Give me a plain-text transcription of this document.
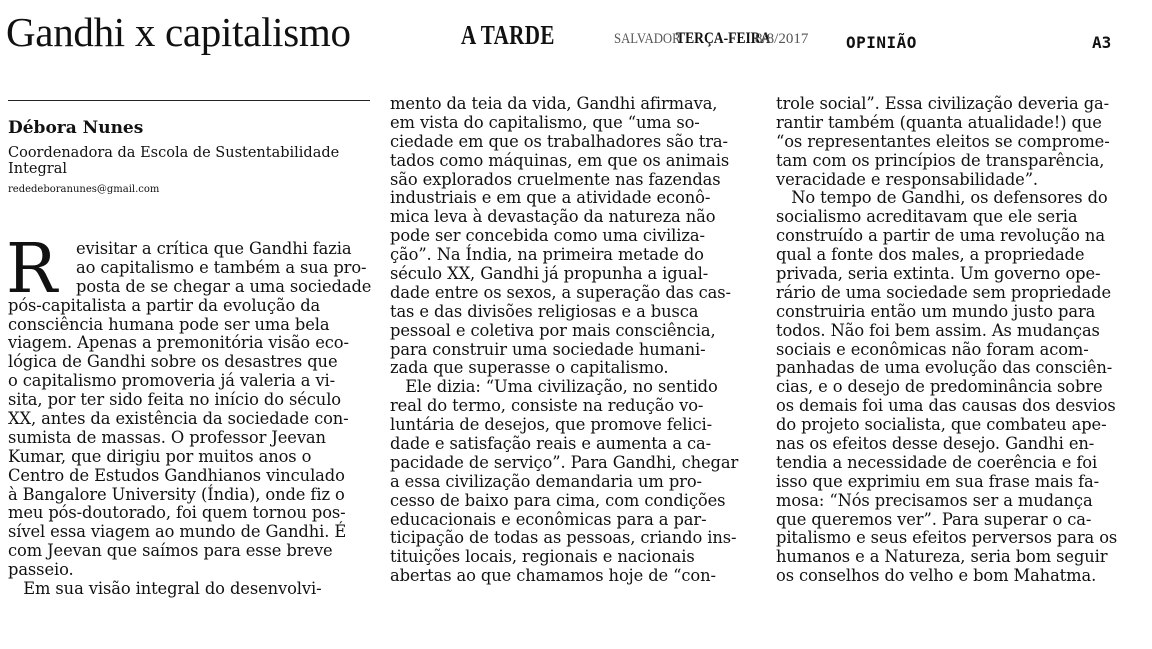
Gandhi x capitalismo	A TARDE	SALVADOR
TERÇA-FEIRA
8/8/2017 OPINIÃO	A3
Débora Nunes
Coordenadora da Escola de Sustentabilidade Integral
rededeboranunes@gmail.com
R	evisitar a crítica que Gandhi fazia
ao capitalismo e também a sua pro-
posta de se chegar a uma sociedade
pós-capitalista a partir da evolução da
consciência humana pode ser uma bela
viagem. Apenas a premonitória visão eco-
lógica de Gandhi sobre os desastres que
o capitalismo promoveria já valeria a vi-
sita, por ter sido feita no início do século
XX, antes da existência da sociedade con-
sumista de massas. O professor Jeevan
Kumar, que dirigiu por muitos anos o
Centro de Estudos Gandhianos vinculado
à Bangalore University (Índia), onde fiz o
meu pós-doutorado, foi quem tornou pos-
sível essa viagem ao mundo de Gandhi. É
com Jeevan que saímos para esse breve
passeio.
Em sua visão integral do desenvolvi-
mento da teia da vida, Gandhi afirmava,
em vista do capitalismo, que “uma so-
ciedade em que os trabalhadores são tra-
tados como máquinas, em que os animais
são explorados cruelmente nas fazendas
industriais e em que a atividade econô-
mica leva à devastação da natureza não
pode ser concebida como uma civiliza-
ção”. Na Índia, na primeira metade do
século XX, Gandhi já propunha a igual-
dade entre os sexos, a superação das cas-
tas e das divisões religiosas e a busca
pessoal e coletiva por mais consciência,
para construir uma sociedade humani-
zada que superasse o capitalismo.
Ele dizia: “Uma civilização, no sentido
real do termo, consiste na redução vo-
luntária de desejos, que promove felici-
dade e satisfação reais e aumenta a ca-
pacidade de serviço”. Para Gandhi, chegar
a essa civilização demandaria um pro-
cesso de baixo para cima, com condições
educacionais e econômicas para a par-
ticipação de todas as pessoas, criando ins-
tituições locais, regionais e nacionais
abertas ao que chamamos hoje de “con-
trole social”. Essa civilização deveria ga-
rantir também (quanta atualidade!) que
“os representantes eleitos se comprome-
tam com os princípios de transparência,
veracidade e responsabilidade”.
No tempo de Gandhi, os defensores do
socialismo acreditavam que ele seria
construído a partir de uma revolução na
qual a fonte dos males, a propriedade
privada, seria extinta. Um governo ope-
rário de uma sociedade sem propriedade
construiria então um mundo justo para
todos. Não foi bem assim. As mudanças
sociais e econômicas não foram acom-
panhadas de uma evolução das consciên-
cias, e o desejo de predominância sobre
os demais foi uma das causas dos desvios
do projeto socialista, que combateu ape-
nas os efeitos desse desejo. Gandhi en-
tendia a necessidade de coerência e foi
isso que exprimiu em sua frase mais fa-
mosa: “Nós precisamos ser a mudança
que queremos ver”. Para superar o ca-
pitalismo e seus efeitos perversos para os
humanos e a Natureza, seria bom seguir
os conselhos do velho e bom Mahatma.
